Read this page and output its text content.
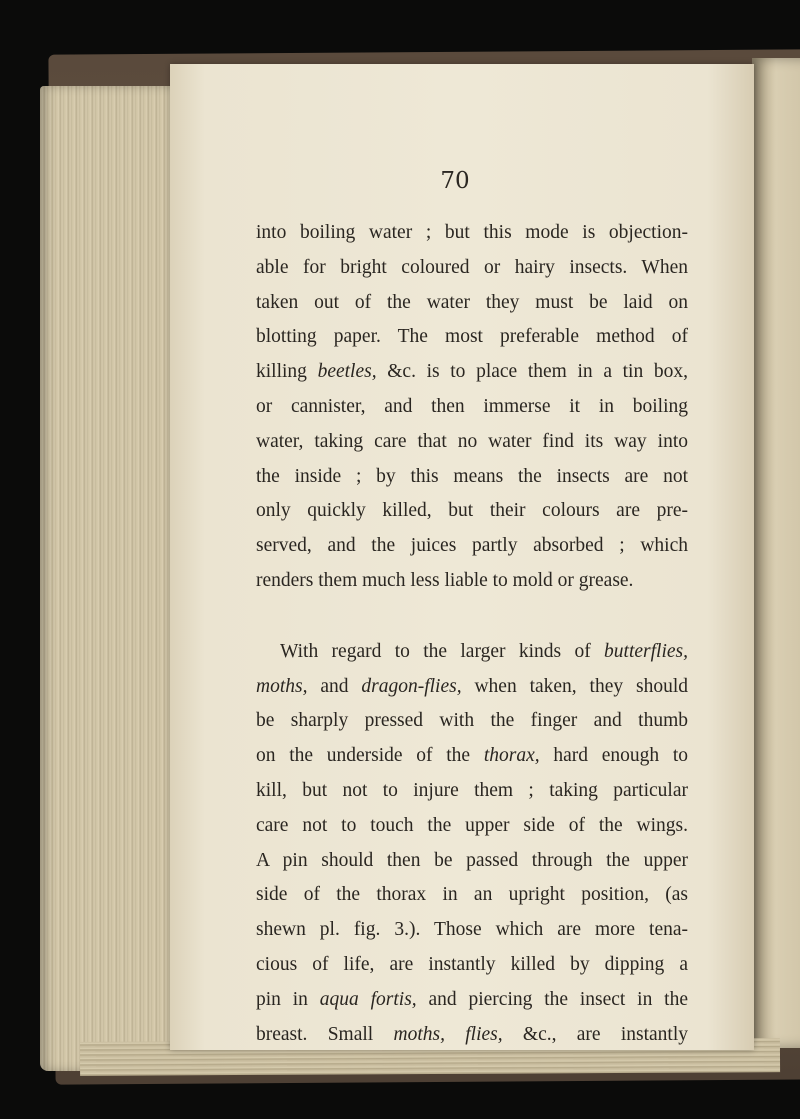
70
into boiling water ; but this mode is objection-
able for bright coloured or hairy insects. When
taken out of the water they must be laid on
blotting paper. The most preferable method of
killing beetles, &c. is to place them in a tin box,
or cannister, and then immerse it in boiling
water, taking care that no water find its way into
the inside ; by this means the insects are not
only quickly killed, but their colours are pre-
served, and the juices partly absorbed ; which
renders them much less liable to mold or grease.
With regard to the larger kinds of butterflies,
moths, and dragon-flies, when taken, they should
be sharply pressed with the finger and thumb
on the underside of the thorax, hard enough to
kill, but not to injure them ; taking particular
care not to touch the upper side of the wings.
A pin should then be passed through the upper
side of the thorax in an upright position, (as
shewn pl. fig. 3.). Those which are more tena-
cious of life, are instantly killed by dipping a
pin in aqua fortis, and piercing the insect in the
breast. Small moths, flies, &c., are instantly
